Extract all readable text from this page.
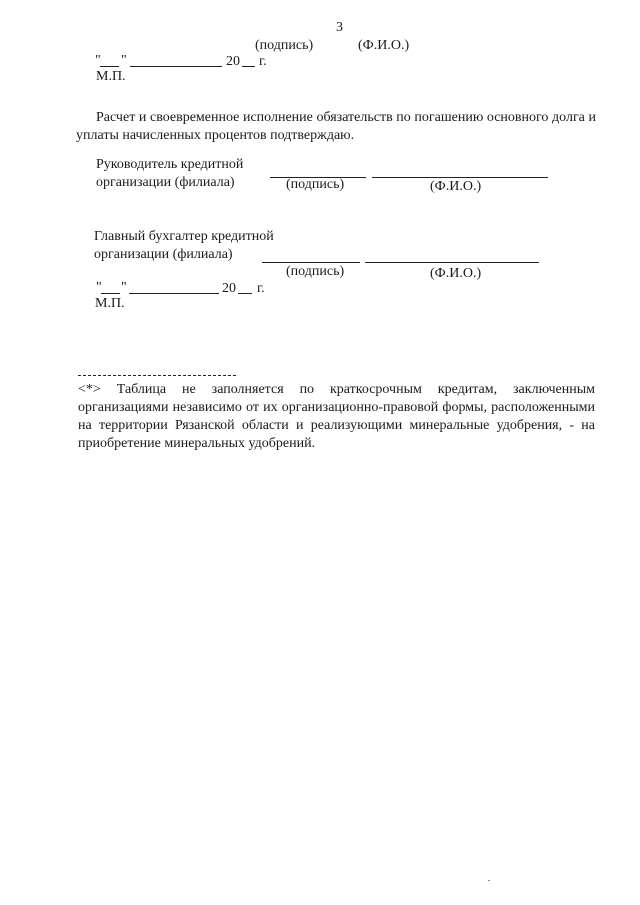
3
(подпись)	(Ф.И.О.)
" "	20 г.
М.П.
Расчет и своевременное исполнение обязательств по погашению основного долга и уплаты начисленных процентов подтверждаю.
Руководитель кредитной
организации (филиала)	(подпись)	(Ф.И.О.)
Главный бухгалтер кредитной
организации (филиала)
(подпись)	(Ф.И.О.)
" "	20 г.
М.П.
<*> Таблица не заполняется по краткосрочным кредитам, заключенным организациями независимо от их организационно-правовой формы, расположенными на территории Рязанской области и реализующими минеральные удобрения, - на приобретение минеральных удобрений.
